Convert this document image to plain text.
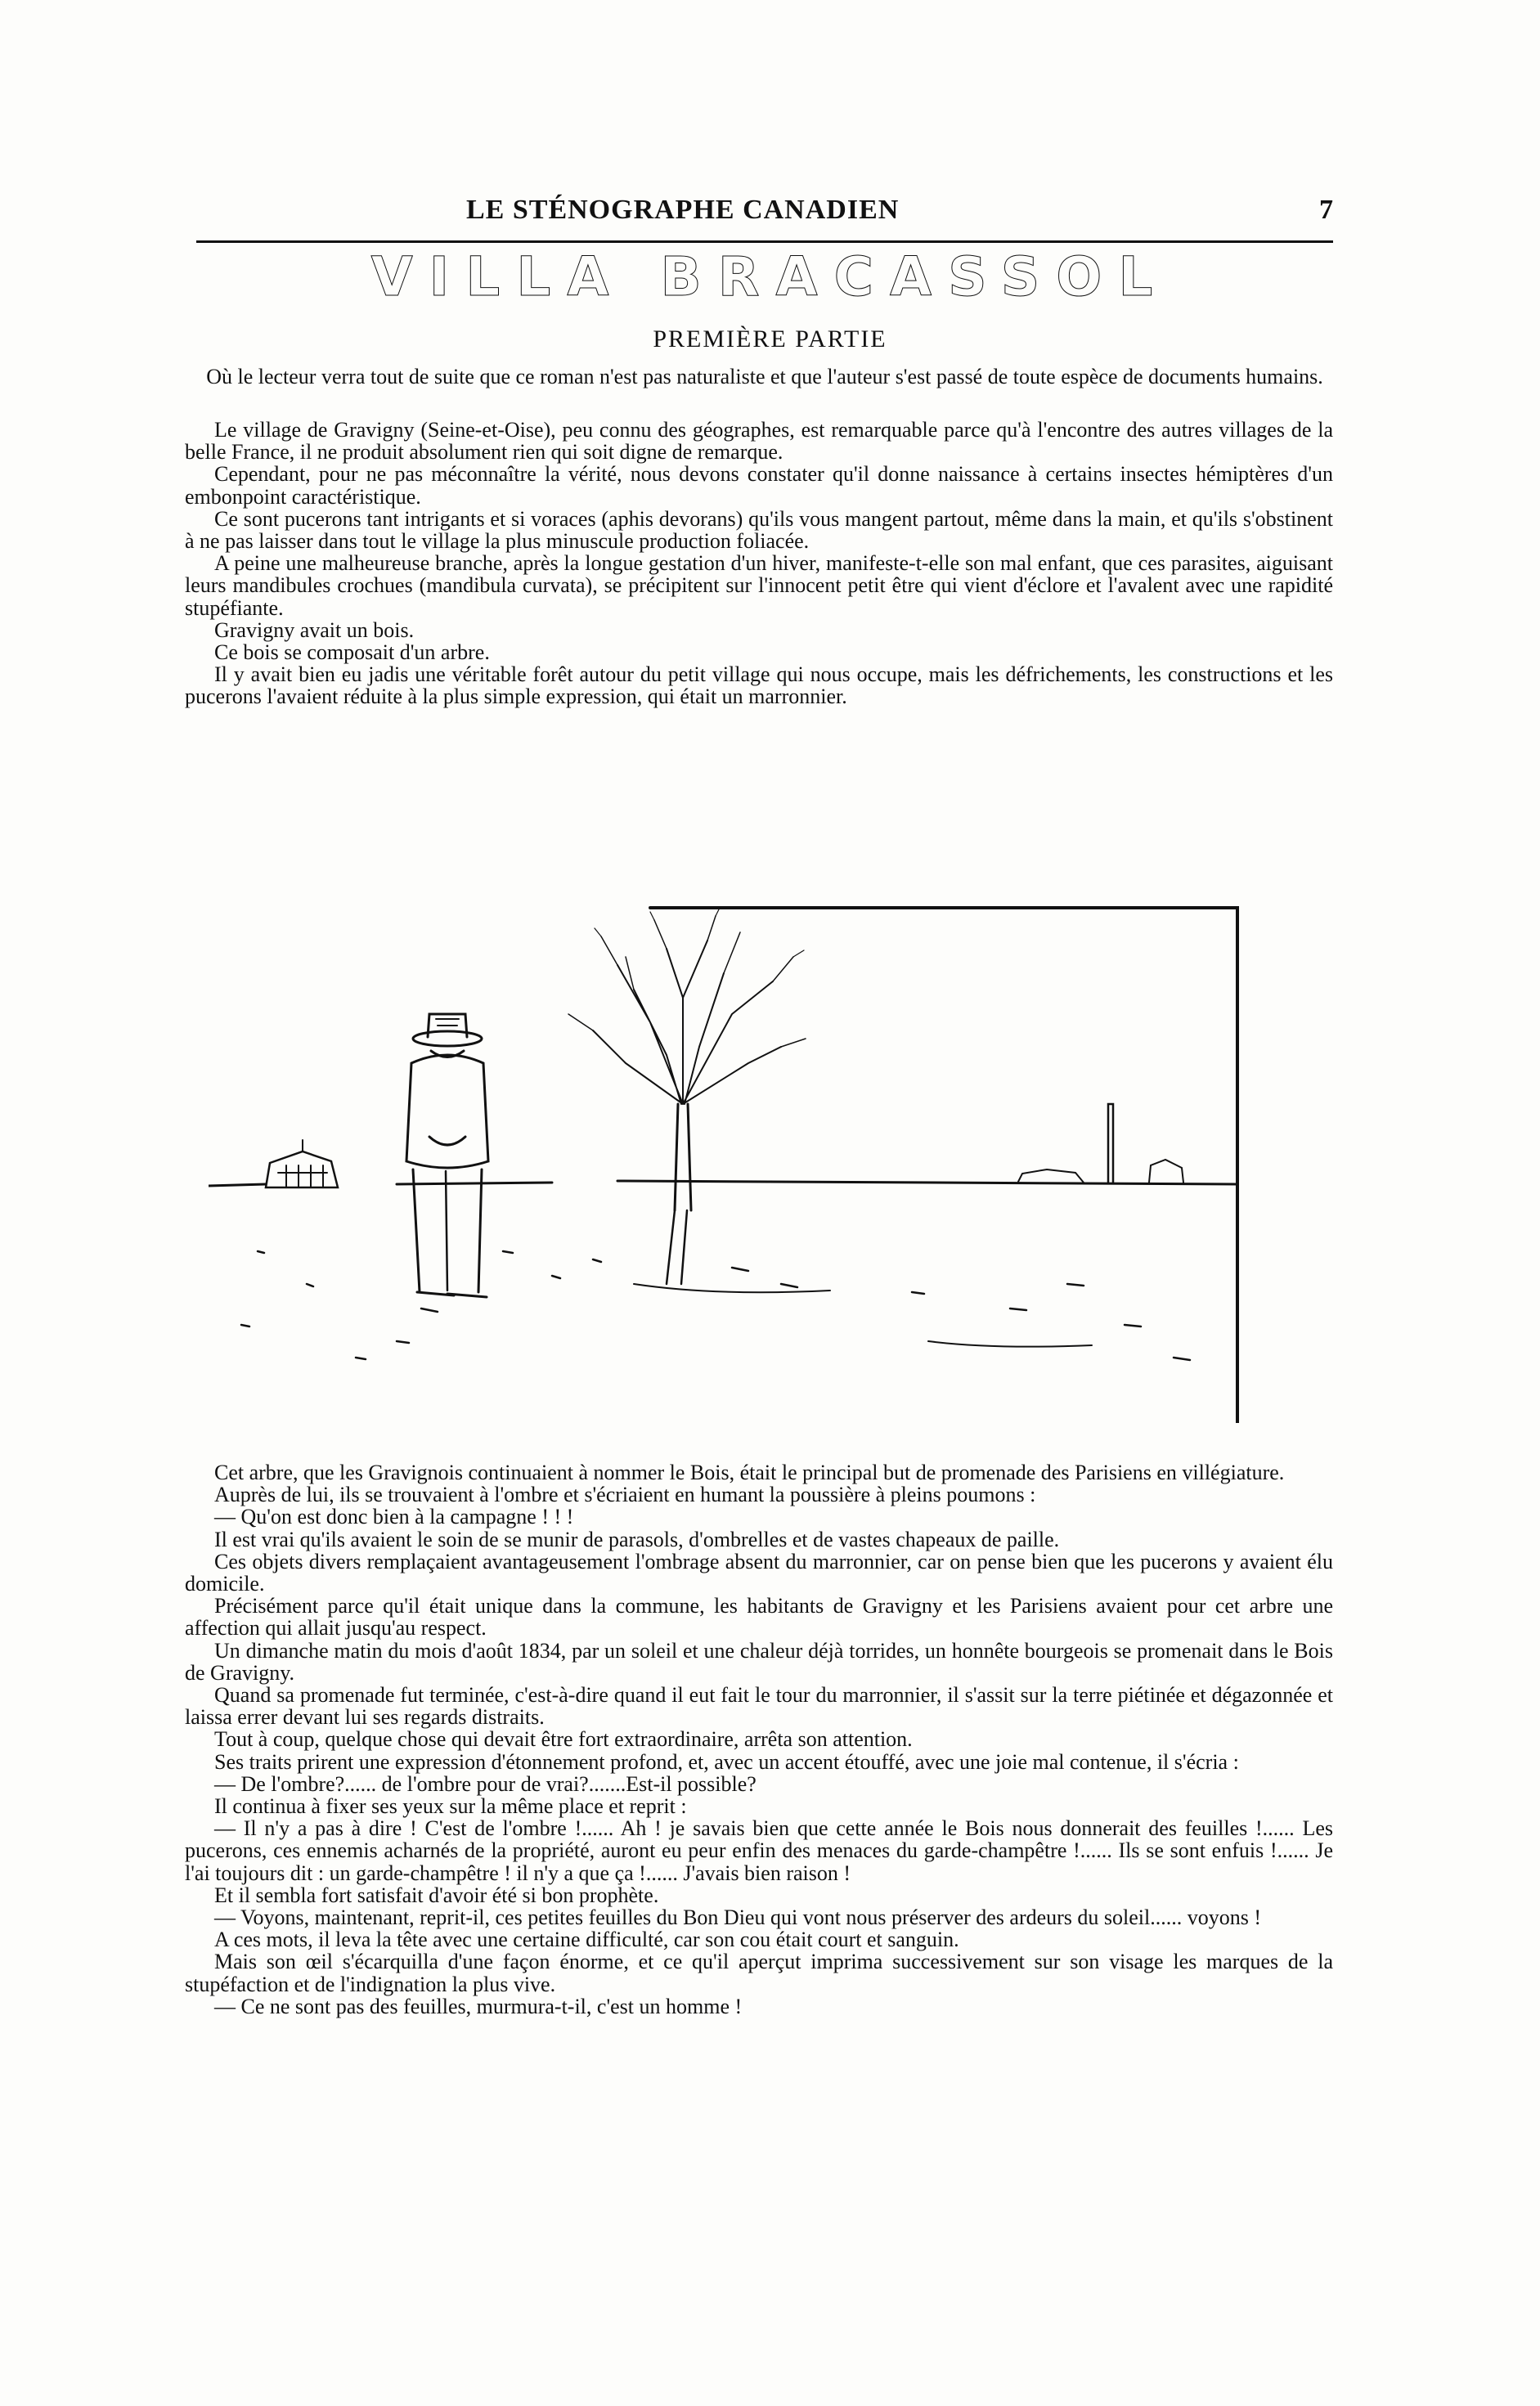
LE STÉNOGRAPHE CANADIEN	7
VILLA BRACASSOL
PREMIÈRE PARTIE
Où le lecteur verra tout de suite que ce roman n'est pas naturaliste et que l'auteur s'est passé de toute espèce de documents humains.

Le village de Gravigny (Seine-et-Oise), peu connu des géographes, est remarquable parce qu'à l'encontre des autres villages de la belle France, il ne produit absolument rien qui soit digne de remarque.

Cependant, pour ne pas méconnaître la vérité, nous devons constater qu'il donne naissance à certains insectes hémiptères d'un embonpoint caractéristique.

Ce sont pucerons tant intrigants et si voraces (aphis devorans) qu'ils vous mangent partout, même dans la main, et qu'ils s'obstinent à ne pas laisser dans tout le village la plus minuscule production foliacée.

A peine une malheureuse branche, après la longue gestation d'un hiver, manifeste-t-elle son mal enfant, que ces parasites, aiguisant leurs mandibules crochues (mandibula curvata), se précipitent sur l'innocent petit être qui vient d'éclore et l'avalent avec une rapidité stupéfiante.

Gravigny avait un bois.

Ce bois se composait d'un arbre.

Il y avait bien eu jadis une véritable forêt autour du petit village qui nous occupe, mais les défrichements, les constructions et les pucerons l'avaient réduite à la plus simple expression, qui était un marronnier.

Cet arbre, que les Gravignois continuaient à nommer le Bois, était le principal but de promenade des Parisiens en villégiature.

Auprès de lui, ils se trouvaient à l'ombre et s'écriaient en humant la poussière à pleins poumons :

— Qu'on est donc bien à la campagne ! ! !

Il est vrai qu'ils avaient le soin de se munir de parasols, d'ombrelles et de vastes chapeaux de paille.

Ces objets divers remplaçaient avantageusement l'ombrage absent du marronnier, car on pense bien que les pucerons y avaient élu domicile.

Précisément parce qu'il était unique dans la commune, les habitants de Gravigny et les Parisiens avaient pour cet arbre une affection qui allait jusqu'au respect.

Un dimanche matin du mois d'août 1834, par un soleil et une chaleur déjà torrides, un honnête bourgeois se promenait dans le Bois de Gravigny.

Quand sa promenade fut terminée, c'est-à-dire quand il eut fait le tour du marronnier, il s'assit sur la terre piétinée et dégazonnée et laissa errer devant lui ses regards distraits.

Tout à coup, quelque chose qui devait être fort extraordinaire, arrêta son attention.

Ses traits prirent une expression d'étonnement profond, et, avec un accent étouffé, avec une joie mal contenue, il s'écria :

— De l'ombre?...... de l'ombre pour de vrai?.......Est-il possible?

Il continua à fixer ses yeux sur la même place et reprit :

— Il n'y a pas à dire ! C'est de l'ombre !...... Ah ! je savais bien que cette année le Bois nous donnerait des feuilles !...... Les pucerons, ces ennemis acharnés de la propriété, auront eu peur enfin des menaces du garde-champêtre !...... Ils se sont enfuis !...... Je l'ai toujours dit : un garde-champêtre ! il n'y a que ça !...... J'avais bien raison !

Et il sembla fort satisfait d'avoir été si bon prophète.

— Voyons, maintenant, reprit-il, ces petites feuilles du Bon Dieu qui vont nous préserver des ardeurs du soleil...... voyons !

A ces mots, il leva la tête avec une certaine difficulté, car son cou était court et sanguin.

Mais son œil s'écarquilla d'une façon énorme, et ce qu'il aperçut imprima successivement sur son visage les marques de la stupéfaction et de l'indignation la plus vive.

— Ce ne sont pas des feuilles, murmura-t-il, c'est un homme !
